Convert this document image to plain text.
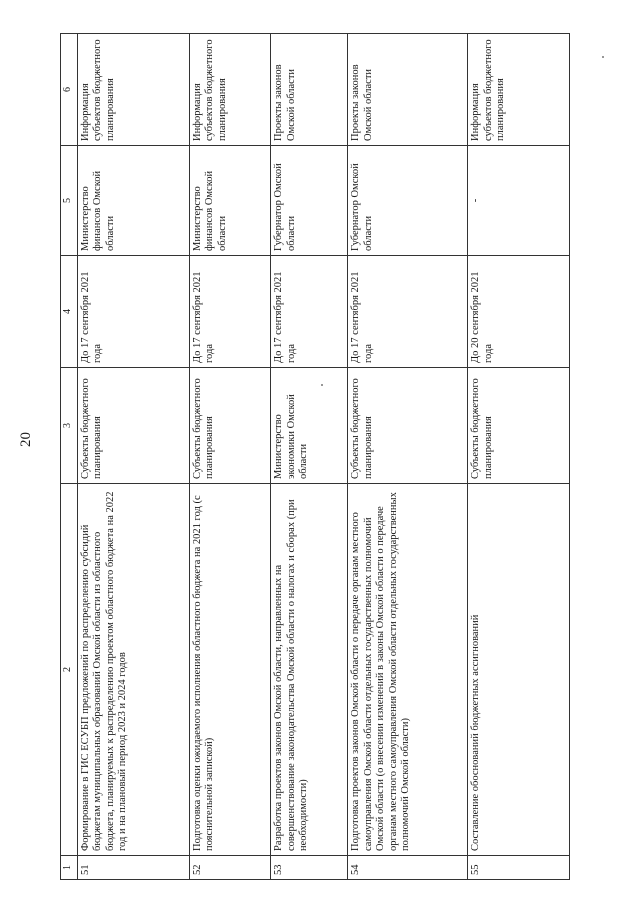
20
1	2	3	4	5	6
51	Формирование в ГИС ЕСУБП предложений по распределению субсидий бюджетам муниципальных образований Омской области из областного бюджета, планируемых к распределению проектом областного бюджета на 2022 год и на плановый период 2023 и 2024 годов	Субъекты бюджетного планирования	До 17 сентября 2021 года	Министерство финансов Омской области	Информация субъектов бюджетного планирования
52	Подготовка оценки ожидаемого исполнения областного бюджета на 2021 год (с пояснительной запиской)	Субъекты бюджетного планирования	До 17 сентября 2021 года	Министерство финансов Омской области	Информация субъектов бюджетного планирования
53	Разработка проектов законов Омской области, направленных на совершенствование законодательства Омской области о налогах и сборах (при необходимости)	Министерство экономики Омской области	До 17 сентября 2021 года	Губернатор Омской области	Проекты законов Омской области
54	Подготовка проектов законов Омской области о передаче органам местного самоуправления Омской области отдельных государственных полномочий Омской области (о внесении изменений в законы Омской области о передаче органам местного самоуправления Омской области отдельных государственных полномочий Омской области)	Субъекты бюджетного планирования	До 17 сентября 2021 года	Губернатор Омской области	Проекты законов Омской области
55	Составление обоснований бюджетных ассигнований	Субъекты бюджетного планирования	До 20 сентября 2021 года	-	Информация субъектов бюджетного планирования
